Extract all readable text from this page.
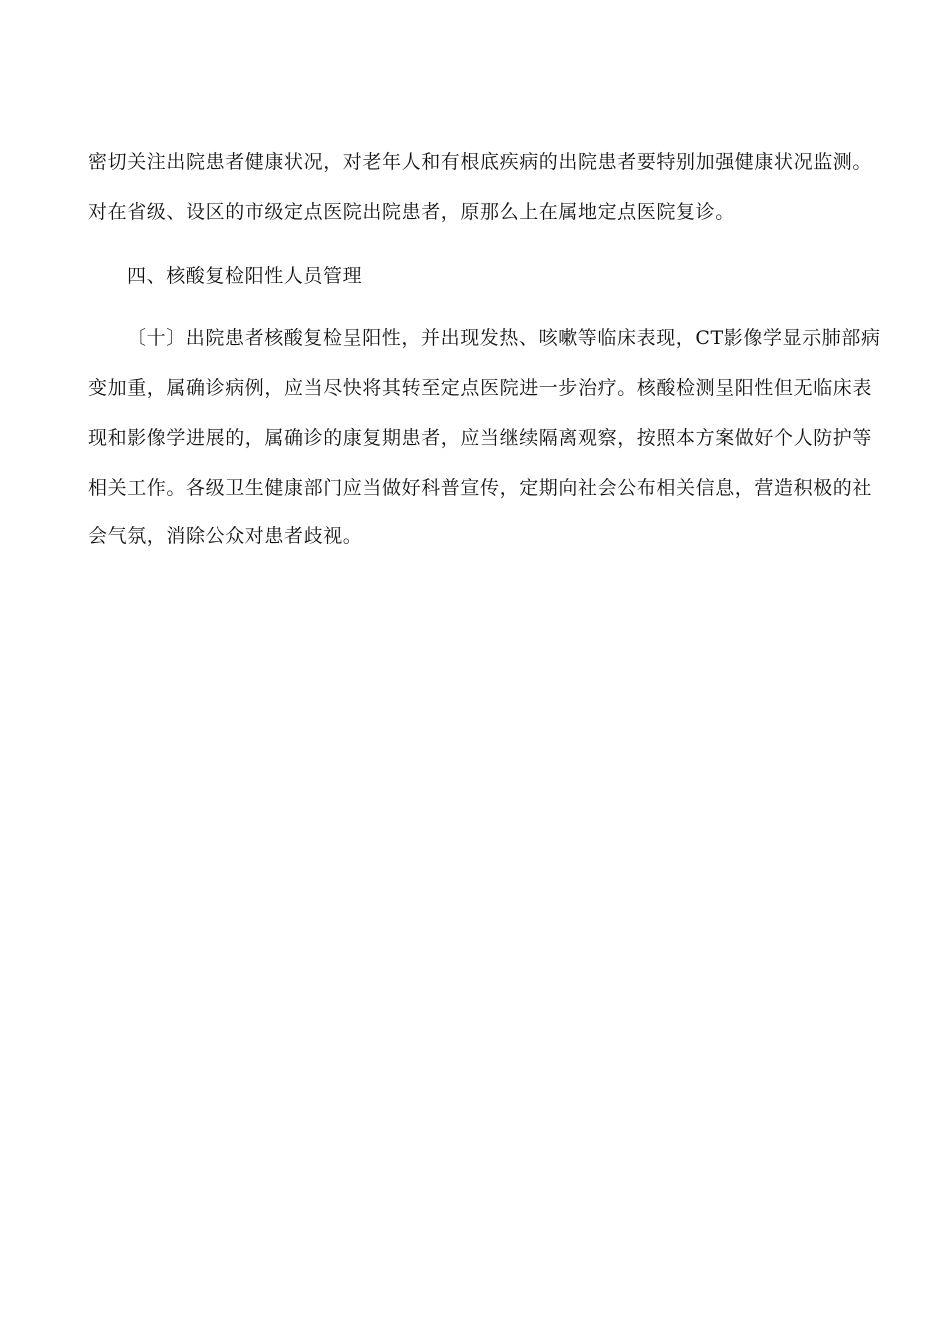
密切关注出院患者健康状况，对老年人和有根底疾病的出院患者要特别加强健康状况监测。
对在省级、设区的市级定点医院出院患者，原那么上在属地定点医院复诊。
四、核酸复检阳性人员管理
〔十〕出院患者核酸复检呈阳性，并出现发热、咳嗽等临床表现，CT影像学显示肺部病
变加重，属确诊病例，应当尽快将其转至定点医院进一步治疗。核酸检测呈阳性但无临床表
现和影像学进展的，属确诊的康复期患者，应当继续隔离观察，按照本方案做好个人防护等
相关工作。各级卫生健康部门应当做好科普宣传，定期向社会公布相关信息，营造积极的社
会气氛，消除公众对患者歧视。
